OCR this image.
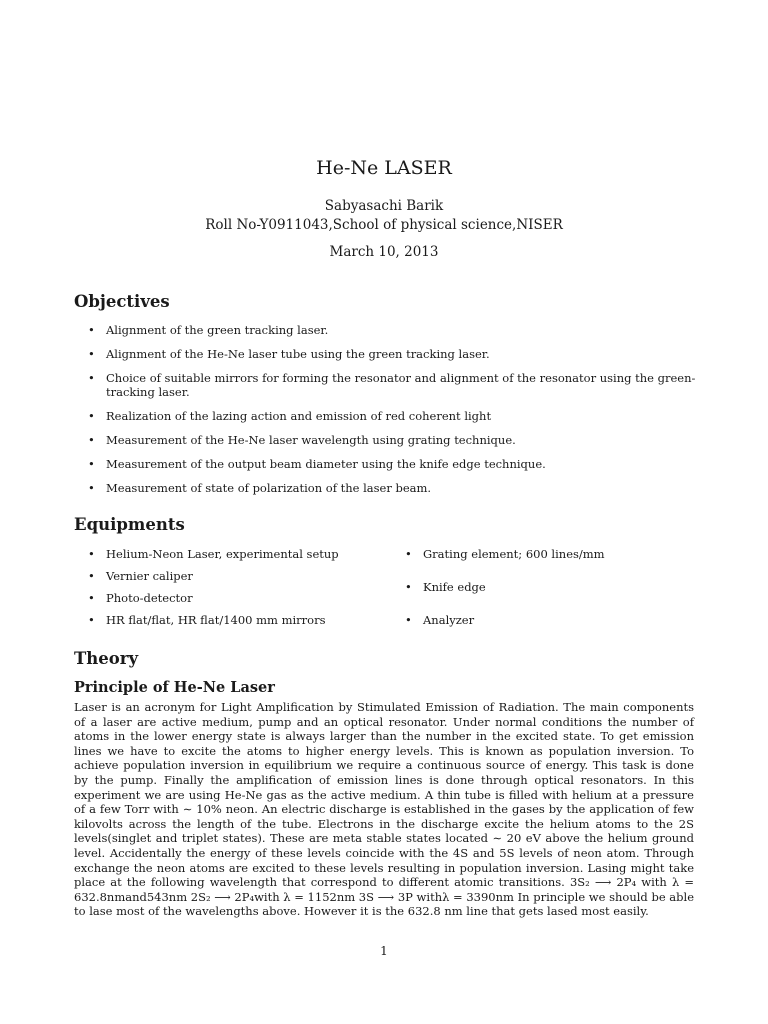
He-Ne LASER
Sabyasachi Barik
Roll No-Y0911043,School of physical science,NISER
March 10, 2013
Objectives
• Alignment of the green tracking laser.
• Alignment of the He-Ne laser tube using the green tracking laser.
• Choice of suitable mirrors for forming the resonator and alignment of the resonator using the green-tracking laser.
• Realization of the lazing action and emission of red coherent light
• Measurement of the He-Ne laser wavelength using grating technique.
• Measurement of the output beam diameter using the knife edge technique.
• Measurement of state of polarization of the laser beam.
Equipments
• Helium-Neon Laser, experimental setup
• Vernier caliper
• Photo-detector
• HR flat/flat, HR flat/1400 mm mirrors
• Grating element; 600 lines/mm
• Knife edge
• Analyzer
Theory
Principle of He-Ne Laser

Laser is an acronym for Light Amplification by Stimulated Emission of Radiation. The main components of a laser are active medium, pump and an optical resonator. Under normal conditions the number of atoms in the lower energy state is always larger than the number in the excited state. To get emission lines we have to excite the atoms to higher energy levels. This is known as population inversion. To achieve population inversion in equilibrium we require a continuous source of energy. This task is done by the pump. Finally the amplification of emission lines is done through optical resonators. In this experiment we are using He-Ne gas as the active medium. A thin tube is filled with helium at a pressure of a few Torr with ∼ 10% neon. An electric discharge is established in the gases by the application of few kilovolts across the length of the tube. Electrons in the discharge excite the helium atoms to the 2S levels(singlet and triplet states). These are meta stable states located ∼ 20 eV above the helium ground level. Accidentally the energy of these levels coincide with the 4S and 5S levels of neon atom. Through exchange the neon atoms are excited to these levels resulting in population inversion. Lasing might take place at the following wavelength that correspond to different atomic transitions. 3S₂ ⟶ 2P₄ with λ = 632.8nmand543nm 2S₂ ⟶ 2P₄with λ = 1152nm 3S ⟶ 3P withλ = 3390nm In principle we should be able to lase most of the wavelengths above. However it is the 632.8 nm line that gets lased most easily.

1
